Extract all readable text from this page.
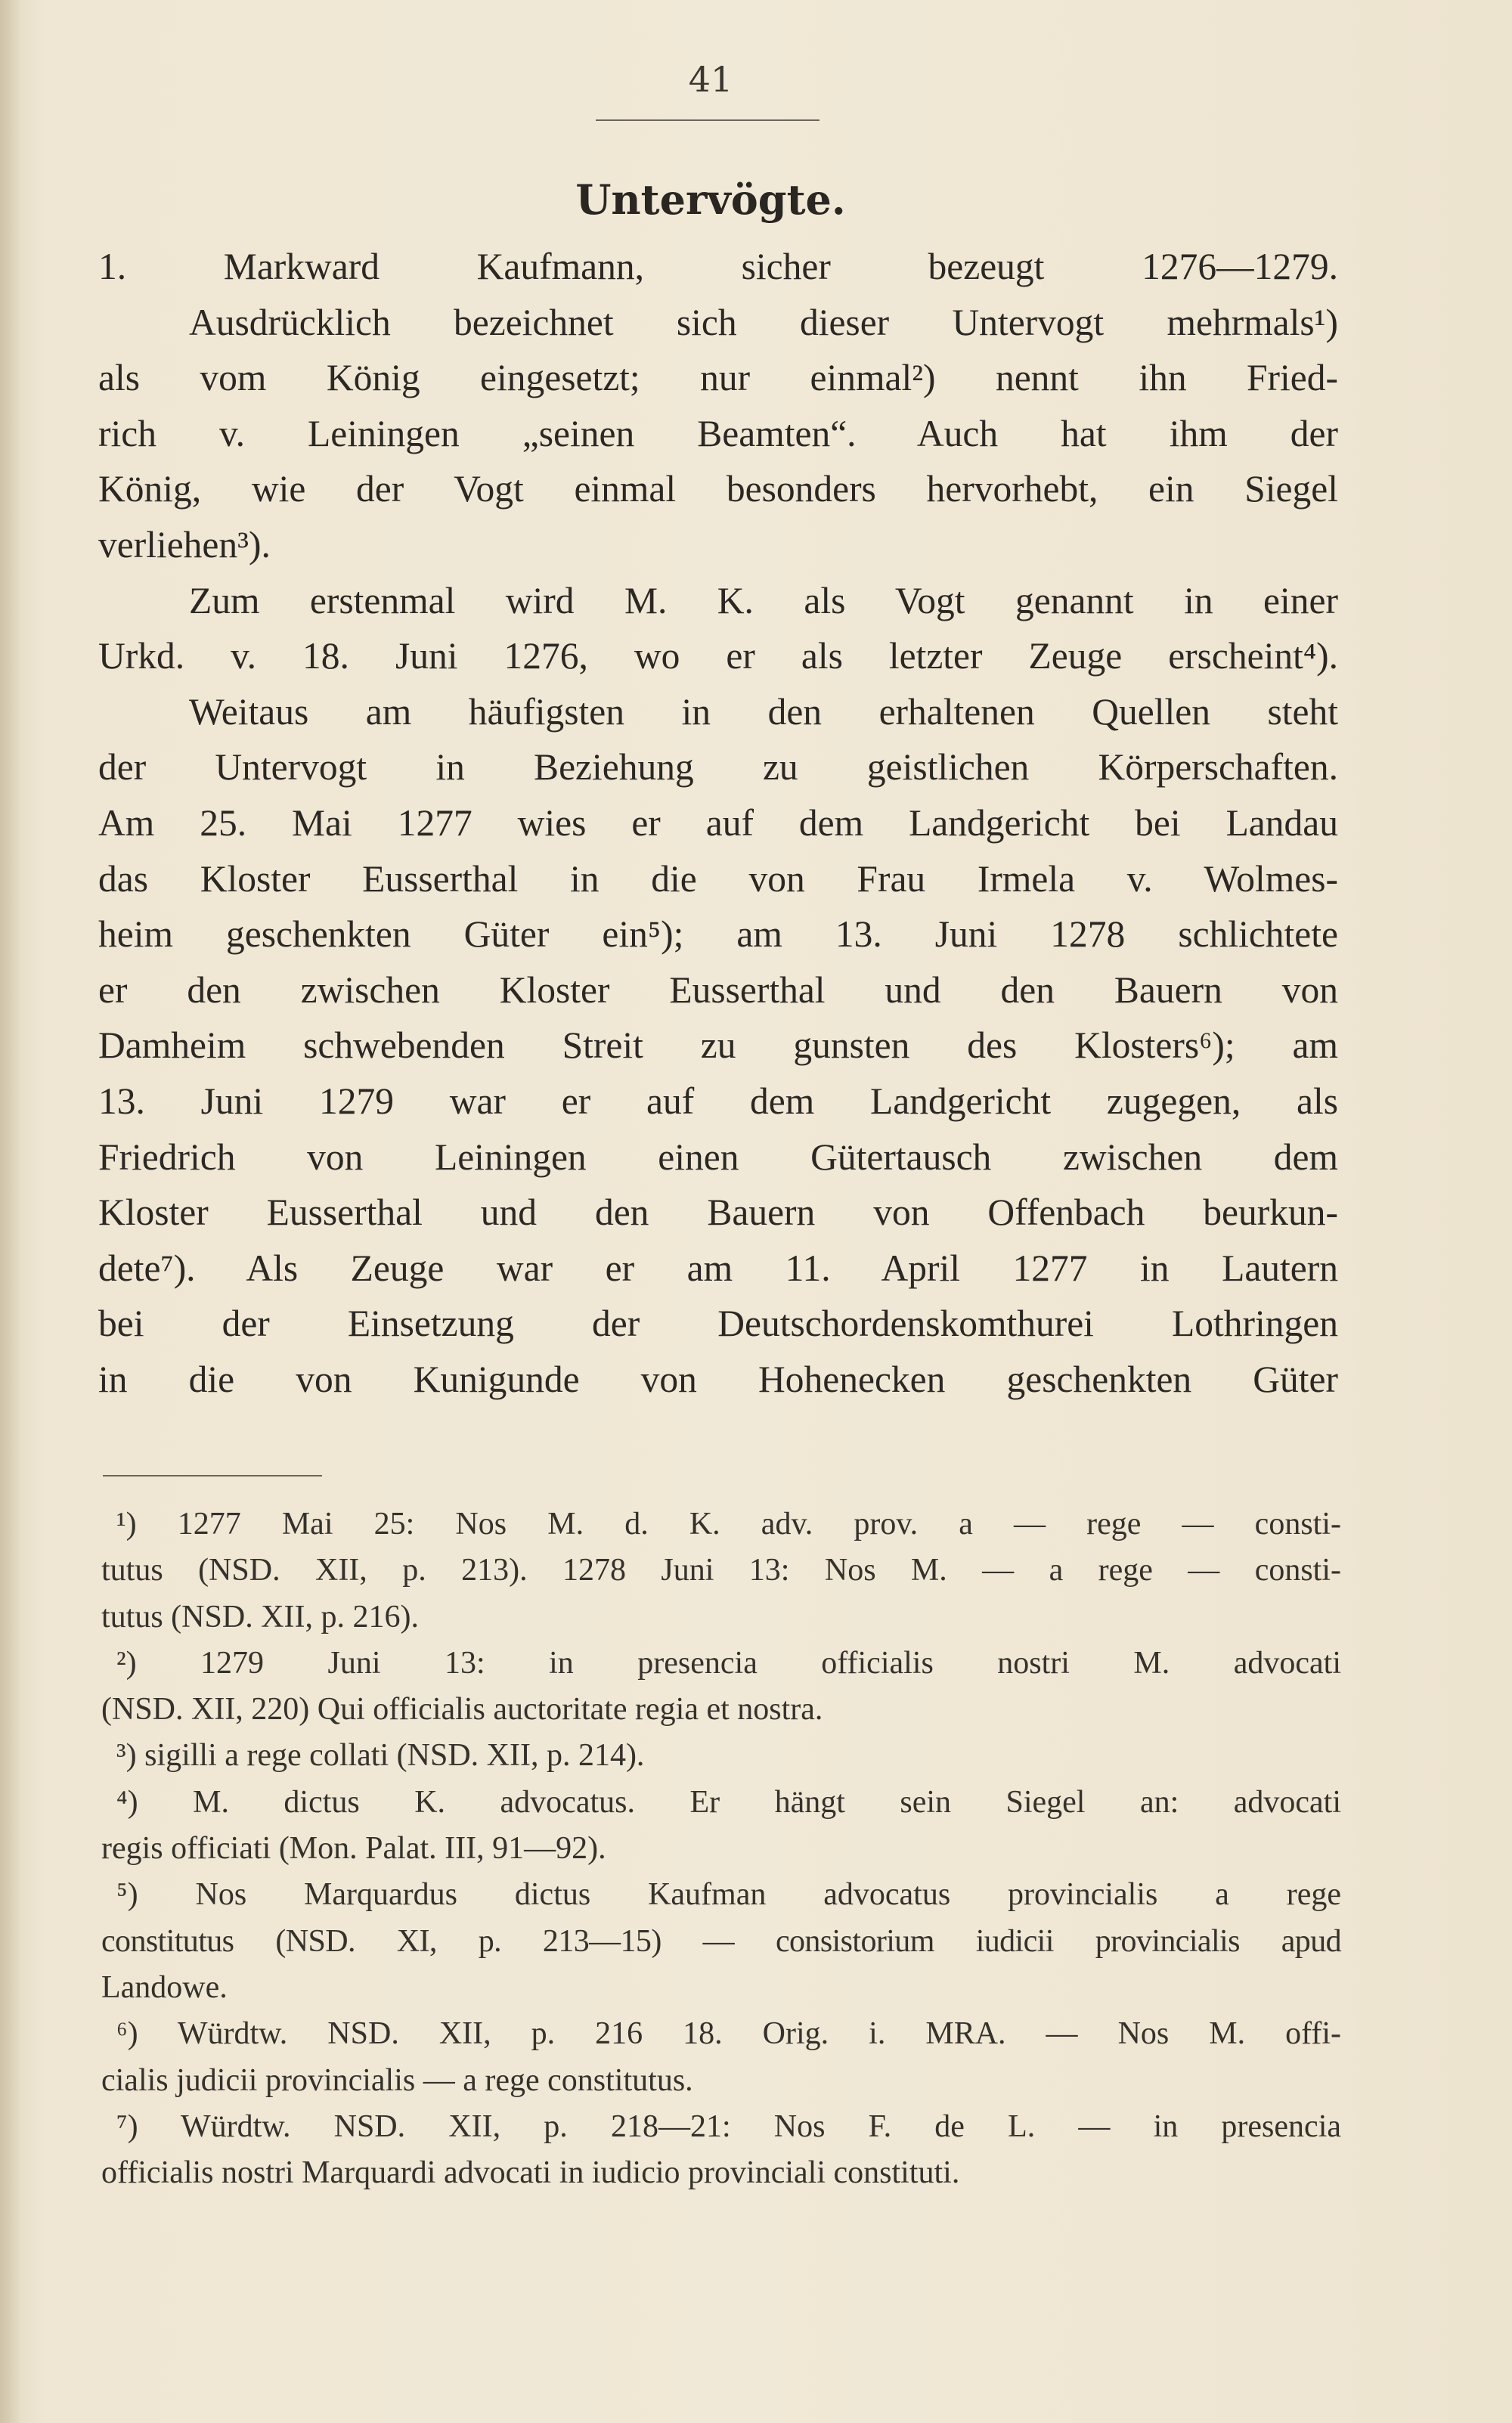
41
Untervögte.
1. Markward Kaufmann, sicher bezeugt 1276—1279.
Ausdrücklich bezeichnet sich dieser Untervogt mehrmals¹)
als vom König eingesetzt; nur einmal²) nennt ihn Fried-
rich v. Leiningen „seinen Beamten“. Auch hat ihm der
König, wie der Vogt einmal besonders hervorhebt, ein Siegel
verliehen³).
Zum erstenmal wird M. K. als Vogt genannt in einer
Urkd. v. 18. Juni 1276, wo er als letzter Zeuge erscheint⁴).
Weitaus am häufigsten in den erhaltenen Quellen steht
der Untervogt in Beziehung zu geistlichen Körperschaften.
Am 25. Mai 1277 wies er auf dem Landgericht bei Landau
das Kloster Eusserthal in die von Frau Irmela v. Wolmes-
heim geschenkten Güter ein⁵); am 13. Juni 1278 schlichtete
er den zwischen Kloster Eusserthal und den Bauern von
Damheim schwebenden Streit zu gunsten des Klosters⁶); am
13. Juni 1279 war er auf dem Landgericht zugegen, als
Friedrich von Leiningen einen Gütertausch zwischen dem
Kloster Eusserthal und den Bauern von Offenbach beurkun-
dete⁷). Als Zeuge war er am 11. April 1277 in Lautern
bei der Einsetzung der Deutschordenskomthurei Lothringen
in die von Kunigunde von Hohenecken geschenkten Güter
¹) 1277 Mai 25: Nos M. d. K. adv. prov. a — rege — consti-
tutus (NSD. XII, p. 213). 1278 Juni 13: Nos M. — a rege — consti-
tutus (NSD. XII, p. 216).
²) 1279 Juni 13: in presencia officialis nostri M. advocati
(NSD. XII, 220) Qui officialis auctoritate regia et nostra.
³) sigilli a rege collati (NSD. XII, p. 214).
⁴) M. dictus K. advocatus. Er hängt sein Siegel an: advocati
regis officiati (Mon. Palat. III, 91—92).
⁵) Nos Marquardus dictus Kaufman advocatus provincialis a rege
constitutus (NSD. XI, p. 213—15) — consistorium iudicii provincialis apud
Landowe.
⁶) Würdtw. NSD. XII, p. 216 18. Orig. i. MRA. — Nos M. offi-
cialis judicii provincialis — a rege constitutus.
⁷) Würdtw. NSD. XII, p. 218—21: Nos F. de L. — in presencia
officialis nostri Marquardi advocati in iudicio provinciali constituti.
